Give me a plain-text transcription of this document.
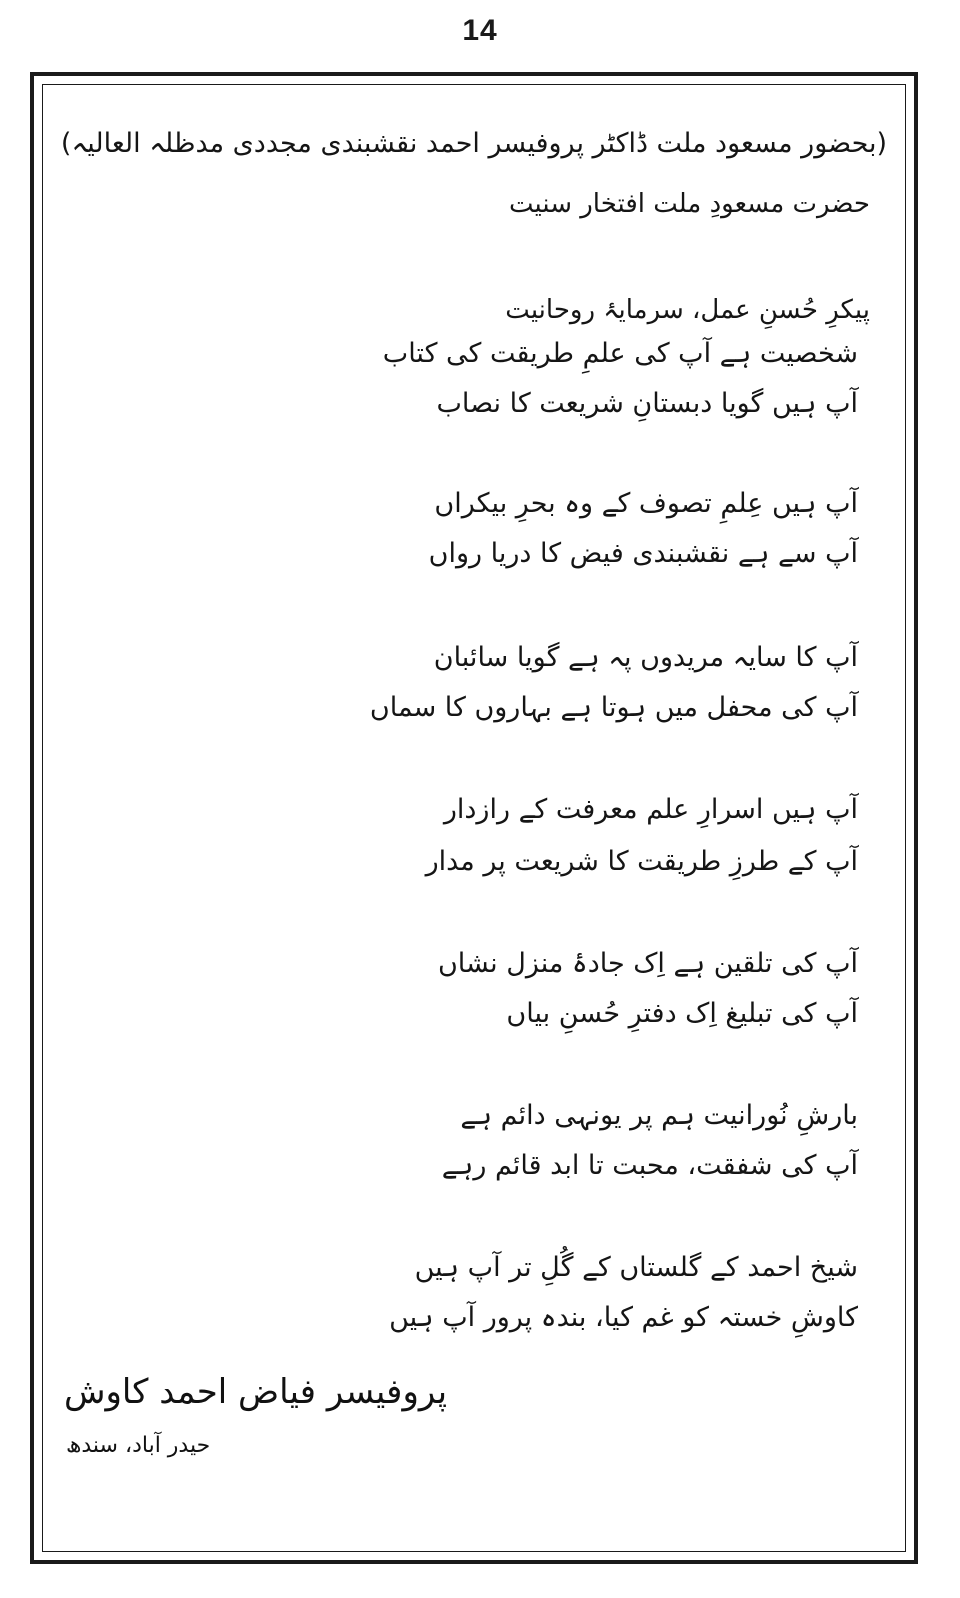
14
(بحضور مسعود ملت ڈاکٹر پروفیسر احمد نقشبندی مجددی مدظلہ العالیہ)
حضرت مسعودِ ملت افتخار سنیت
پیکرِ حُسنِ عمل، سرمایۂ روحانیت
شخصیت ہے آپ کی علمِ طریقت کی کتاب
آپ ہیں گویا دبستانِ شریعت کا نصاب
آپ ہیں عِلمِ تصوف کے وہ بحرِ بیکراں
آپ سے ہے نقشبندی فیض کا دریا رواں
آپ کا سایہ مریدوں پہ ہے گویا سائبان
آپ کی محفل میں ہوتا ہے بہاروں کا سماں
آپ ہیں اسرارِ علم معرفت کے رازدار
آپ کے طرزِ طریقت کا شریعت پر مدار
آپ کی تلقین ہے اِک جادۂ منزل نشاں
آپ کی تبلیغ اِک دفترِ حُسنِ بیاں
بارشِ نُورانیت ہم پر یونہی دائم ہے
آپ کی شفقت، محبت تا ابد قائم رہے
شیخ احمد کے گلستاں کے گُلِ تر آپ ہیں
کاوشِ خستہ کو غم کیا، بندہ پرور آپ ہیں
پروفیسر فیاض احمد کاوش
حیدر آباد، سندھ
